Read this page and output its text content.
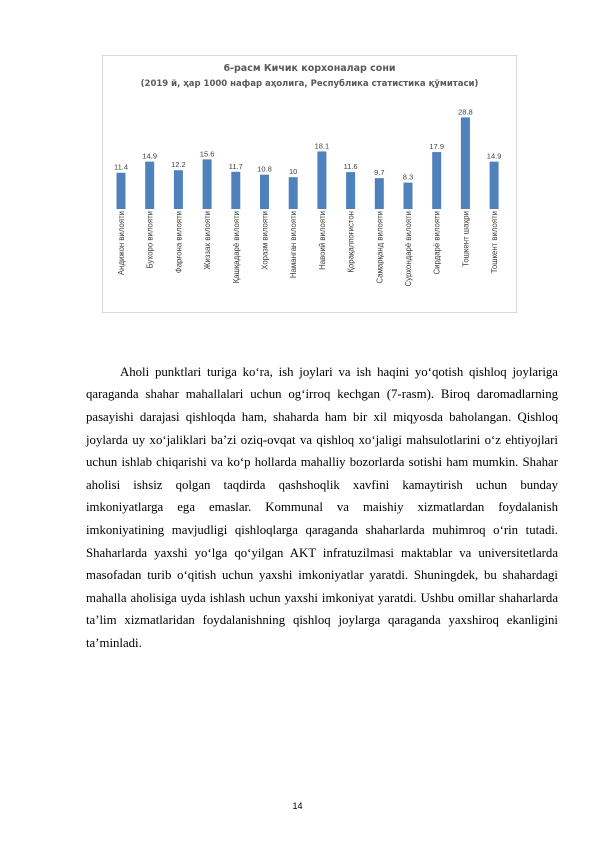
6-расм Кичик корхоналар сони
(2019 й, ҳар 1000 нафар аҳолига, Республика статистика қўмитаси)
11.4
Андижон вилояти
14.9
Бухоро вилояти
12.2
Фарғона вилояти
15.6
Жиззах вилояти
11.7
Қашқадарё вилояти
10.8
Хоразм вилояти
10
Наманган вилояти
18.1
Навоий вилояти
11.6
Қорақалпоғистон
9.7
Самарқанд вилояти
8.3
Сурхондарё вилояти
17.9
Сирдарё вилояти
28.8
Тошкент шаҳри
14.9
Тошкент вилояти

Aholi punktlari turiga ko‘ra, ish joylari va ish haqini yo‘qotish qishloq joylariga qaraganda shahar mahallalari uchun og‘irroq kechgan (7-rasm). Biroq daromadlarning pasayishi darajasi qishloqda ham, shaharda ham bir xil miqyosda baholangan. Qishloq joylarda uy xo‘jaliklari ba’zi oziq-ovqat va qishloq xo‘jaligi mahsulotlarini o‘z ehtiyojlari uchun ishlab chiqarishi va ko‘p hollarda mahalliy bozorlarda sotishi ham mumkin. Shahar aholisi ishsiz qolgan taqdirda qashshoqlik xavfini kamaytirish uchun bunday imkoniyatlarga ega emaslar. Kommunal va maishiy xizmatlardan foydalanish imkoniyatining mavjudligi qishloqlarga qaraganda shaharlarda muhimroq o‘rin tutadi. Shaharlarda yaxshi yo‘lga qo‘yilgan AKT infratuzilmasi maktablar va universitetlarda masofadan turib o‘qitish uchun yaxshi imkoniyatlar yaratdi. Shuningdek, bu shahardagi mahalla aholisiga uyda ishlash uchun yaxshi imkoniyat yaratdi. Ushbu omillar shaharlarda ta’lim xizmatlaridan foydalanishning qishloq joylarga qaraganda yaxshiroq ekanligini ta’minladi.

14
